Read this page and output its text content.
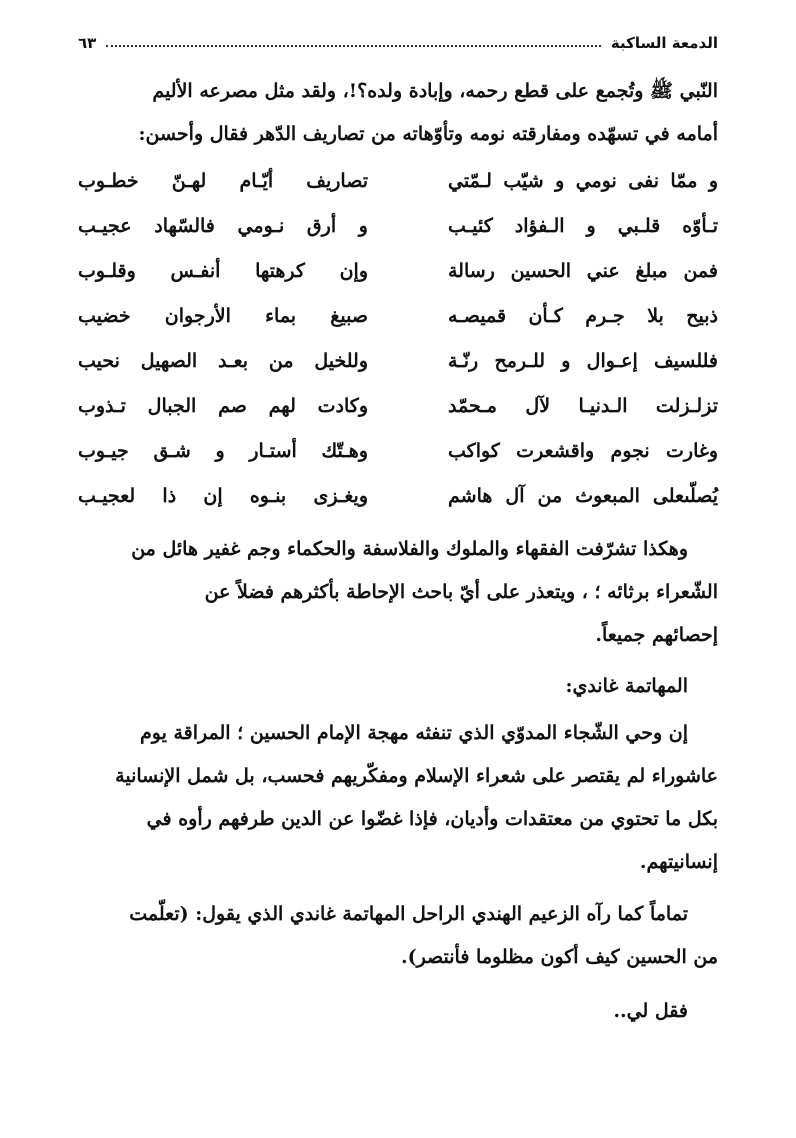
الدمعة الساكبة
٦٣
النّبي ﷺ وتُجمع على قطع رحمه، وإبادة ولده؟!، ولقد مثل مصرعه الأليم
أمامه في تسهّده ومفارقته نومه وتأوّهاته من تصاريف الدّهر فقال وأحسن:
و ممّا نفى نومي و شيّب لـمّتي
تصاريف أيّـام لهـنّ خطـوب
تـأوّه قلـبي و الـفؤاد كئيـب
و أرق نـومي فالسّهاد عجيـب
فمن مبلغ عني الحسين رسالة
وإن كرهتها أنفـس وقلـوب
ذبيح بلا جـرم كـأن قميصـه
صبيغ بماء الأرجوان خضيب
فللسيف إعـوال و للـرمح رنّـة
وللخيل من بعـد الصهيل نحيب
تزلـزلت الـدنيـا لآل مـحمّد
وكادت لهم صم الجبال تـذوب
وغارت نجوم واقشعرت كواكب
وهـتّك أستـار و شـق جيـوب
يُصلّىعلى المبعوث من آل هاشم
ويغـزى بنـوه إن ذا لعجيـب
وهكذا تشرّفت الفقهاء والملوك والفلاسفة والحكماء وجم غفير هائل من
الشّعراء برثائه ؛ ، ويتعذر على أيّ باحث الإحاطة بأكثرهم فضلاً عن
إحصائهم جميعاً.
المهاتمة غاندي:
إن وحي الشّجاء المدوّي الذي تنفثه مهجة الإمام الحسين ؛ المراقة يوم
عاشوراء لم يقتصر على شعراء الإسلام ومفكّريهم فحسب، بل شمل الإنسانية
بكل ما تحتوي من معتقدات وأديان، فإذا غضّوا عن الدين طرفهم رأوه في
إنسانيتهم.
تماماً كما رآه الزعيم الهندي الراحل المهاتمة غاندي الذي يقول: (تعلّمت
من الحسين كيف أكون مظلوما فأنتصر).
فقل لي..
